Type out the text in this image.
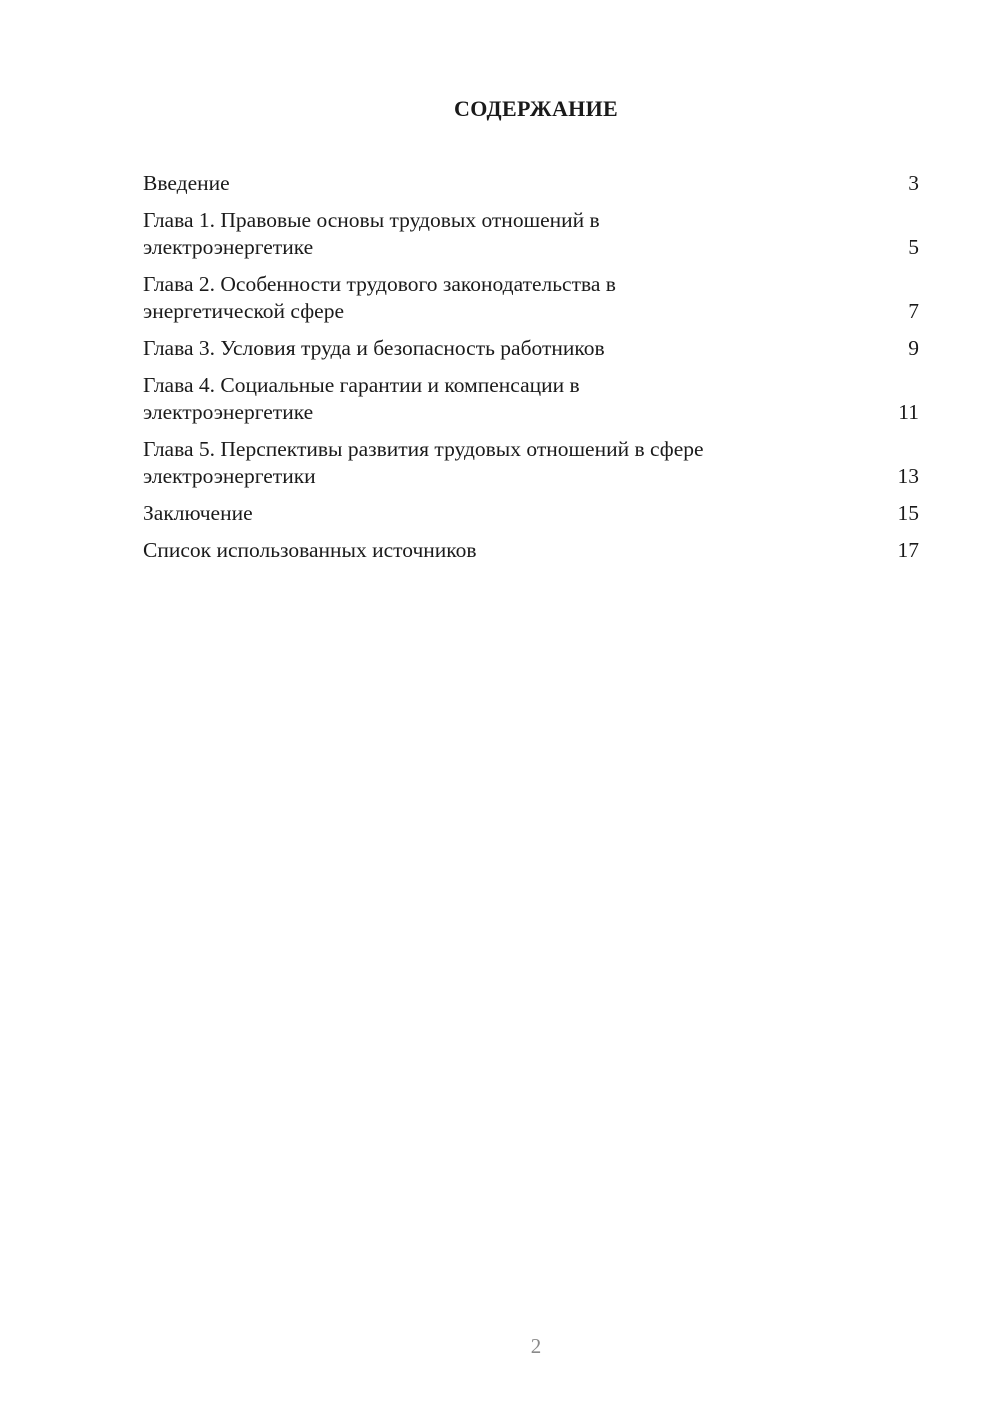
СОДЕРЖАНИЕ
Введение	3
Глава 1. Правовые основы трудовых отношений в
электроэнергетике	5
Глава 2. Особенности трудового законодательства в
энергетической сфере	7
Глава 3. Условия труда и безопасность работников	9
Глава 4. Социальные гарантии и компенсации в
электроэнергетике	11
Глава 5. Перспективы развития трудовых отношений в сфере
электроэнергетики	13
Заключение	15
Список использованных источников	17
2
